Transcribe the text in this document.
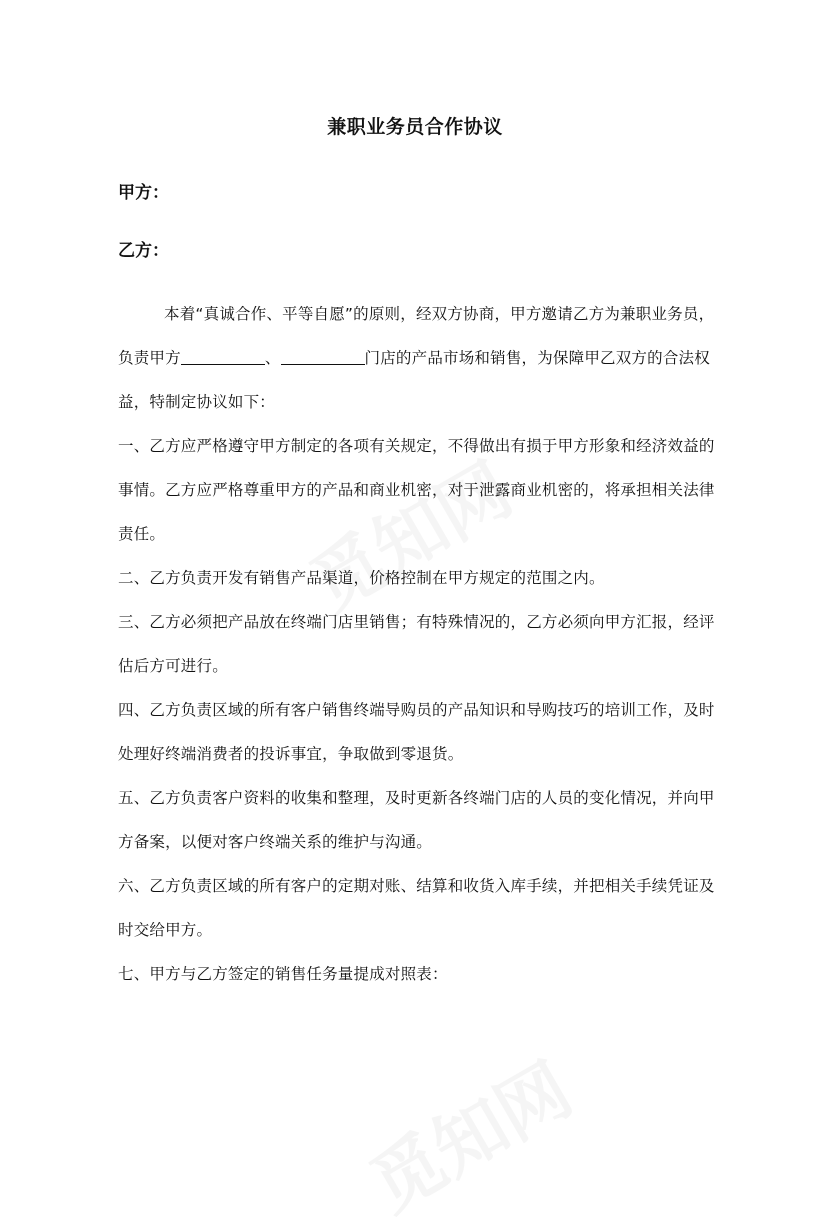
兼职业务员合作协议
甲方：
乙方：
本着“真诚合作、平等自愿”的原则，经双方协商，甲方邀请乙方为兼职业务员，负责甲方	、	门店的产品市场和销售，为保障甲乙双方的合法权益，特制定协议如下：

一、乙方应严格遵守甲方制定的各项有关规定，不得做出有损于甲方形象和经济效益的事情。乙方应严格尊重甲方的产品和商业机密，对于泄露商业机密的，将承担相关法律责任。

二、乙方负责开发有销售产品渠道，价格控制在甲方规定的范围之内。

三、乙方必须把产品放在终端门店里销售；有特殊情况的，乙方必须向甲方汇报，经评估后方可进行。

四、乙方负责区域的所有客户销售终端导购员的产品知识和导购技巧的培训工作，及时处理好终端消费者的投诉事宜，争取做到零退货。

五、乙方负责客户资料的收集和整理，及时更新各终端门店的人员的变化情况，并向甲方备案，以便对客户终端关系的维护与沟通。

六、乙方负责区域的所有客户的定期对账、结算和收货入库手续，并把相关手续凭证及时交给甲方。

七、甲方与乙方签定的销售任务量提成对照表：
